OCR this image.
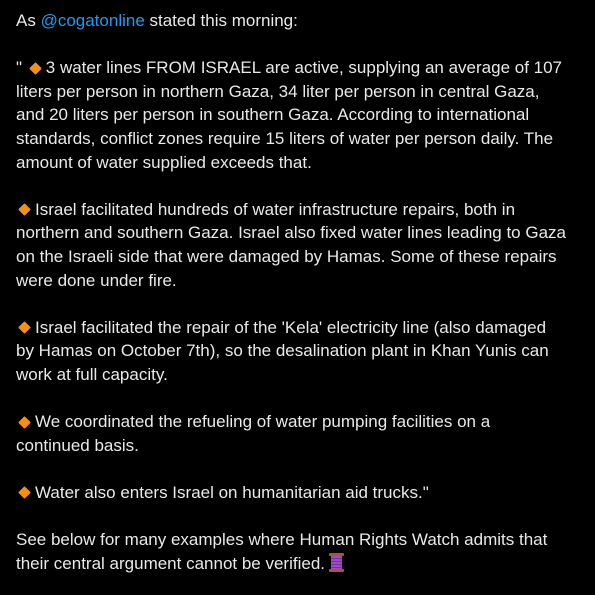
As @cogatonline stated this morning:
" 3 water lines FROM ISRAEL are active, supplying an average of 107
liters per person in northern Gaza, 34 liter per person in central Gaza,
and 20 liters per person in southern Gaza. According to international
standards, conflict zones require 15 liters of water per person daily. The
amount of water supplied exceeds that.
Israel facilitated hundreds of water infrastructure repairs, both in
northern and southern Gaza. Israel also fixed water lines leading to Gaza
on the Israeli side that were damaged by Hamas. Some of these repairs
were done under fire.
Israel facilitated the repair of the 'Kela' electricity line (also damaged
by Hamas on October 7th), so the desalination plant in Khan Yunis can
work at full capacity.
We coordinated the refueling of water pumping facilities on a
continued basis.
Water also enters Israel on humanitarian aid trucks."
See below for many examples where Human Rights Watch admits that
their central argument cannot be verified.
